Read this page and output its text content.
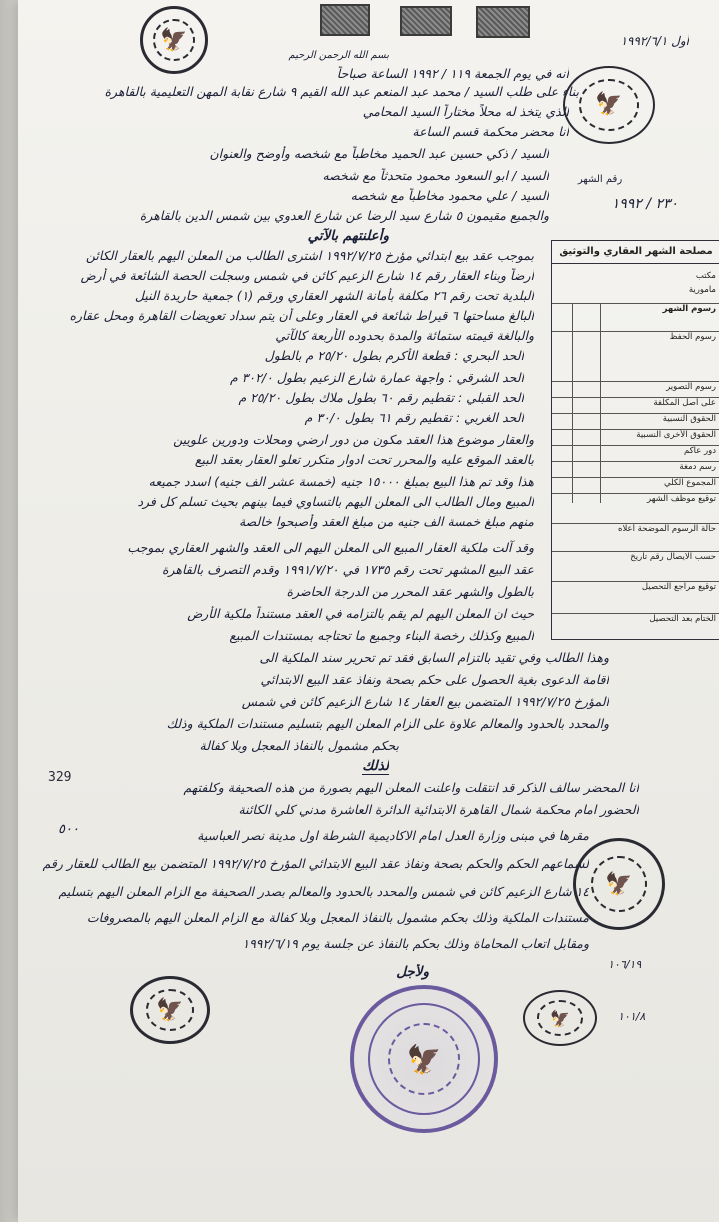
🦅	أول ١٩٩٢/٦/١
🦅
بسم الله الرحمن الرحيم
أنه في يوم الجمعة ١١٩ / ١٩٩٢ الساعة صباحاً
بناء على طلب السيد / محمد عبد المنعم عبد الله القيم ٩ شارع نقابة المهن التعليمية بالقاهرة
الذي يتخذ له محلاً مختاراً السيد المحامي
أنا محضر محكمة قسم الساعة
رقم الشهر
٢٣٠ / ١٩٩٢
السيد / ذكي حسين عبد الحميد مخاطباً مع شخصه وأوضح والعنوان
السيد / ابو السعود محمود متحدثاً مع شخصه
السيد / علي محمود مخاطباً مع شخصه
والجميع مقيمون ٥ شارع سيد الرضا عن شارع العدوي بين شمس الدين بالقاهرة
وأعلنتهم بالآتي
بموجب عقد بيع ابتدائي مؤرخ ١٩٩٢/٧/٢٥ اشترى الطالب من المعلن اليهم بالعقار الكائن
أرضاً وبناء العقار رقم ١٤ شارع الزعيم كائن في شمس وسجلت الحصة الشائعة في أرض
البلدية تحت رقم ٢٦ مكلفة بأمانة الشهر العقاري ورقم (١) جمعية حاريدة النيل
البالغ مساحتها ٦ قيراط شائعة في العقار وعلى أن يتم سداد تعويضات القاهرة ومحل عقاره
والبالغة قيمته ستمائة والمدة بحدوده الأربعة كالآتي
الحد البحري : قطعة الأكرم بطول ٢٥/٢٠ م بالطول
الحد الشرقي : واجهة عمارة شارع الزعيم بطول ٣٠٢/٠ م
الحد القبلي : تقطيم رقم ٦٠ بطول ملاك بطول ٢٥/٢٠ م
الحد الغربي : تقطيم رقم ٦١ بطول ٣٠/٠ م
والعقار موضوع هذا العقد مكون من دور ارضي ومحلات ودورين علويين
بالعقد الموقع عليه والمحرر تحت ادوار متكرر تعلو العقار بعقد البيع
هذا وقد تم هذا البيع بمبلغ ١٥٠٠٠ جنيه (خمسة عشر الف جنيه) اسدد جميعه
المبيع ومال الطالب الى المعلن اليهم بالتساوي فيما بينهم بحيث تسلم كل فرد
منهم مبلغ خمسة الف جنيه من مبلغ العقد وأصبحوا خالصة
وقد آلت ملكية العقار المبيع الى المعلن اليهم الى العقد والشهر العقاري بموجب
عقد البيع المشهر تحت رقم ١٧٣٥ في ١٩٩١/٧/٢٠ وقدم التصرف بالقاهرة
بالطول والشهر عقد المحرر من الدرجة الحاضرة
حيث ان المعلن اليهم لم يقم بالتزامه في العقد مستنداً ملكية الأرض
المبيع وكذلك رخصة البناء وجميع ما تحتاجه بمستندات المبيع
وهذا الطالب وفي تقيد بالتزام السابق فقد تم تحرير سند الملكية الى
اقامة الدعوى بغية الحصول على حكم بصحة ونفاذ عقد البيع الابتدائي
المؤرخ ١٩٩٢/٧/٢٥ المتضمن بيع العقار ١٤ شارع الزعيم كائن في شمس
والمحدد بالحدود والمعالم علاوة على الزام المعلن اليهم بتسليم مستندات الملكية وذلك
بحكم مشمول بالنفاذ المعجل وبلا كفالة
لذلك
329
انا المحضر سالف الذكر قد انتقلت واعلنت المعلن اليهم بصورة من هذه الصحيفة وكلفتهم
الحضور امام محكمة شمال القاهرة الابتدائية الدائرة العاشرة مدني كلي الكائنة
مقرها في مبنى وزارة العدل امام الاكاديمية الشرطة اول مدينة نصر العباسية
لسماعهم الحكم والحكم بصحة ونفاذ عقد البيع الابتدائي المؤرخ ١٩٩٢/٧/٢٥ المتضمن بيع الطالب للعقار رقم
١٤ شارع الزعيم كائن في شمس والمحدد بالحدود والمعالم بصدر الصحيفة مع الزام المعلن اليهم بتسليم
مستندات الملكية وذلك بحكم مشمول بالنفاذ المعجل وبلا كفالة مع الزام المعلن اليهم بالمصروفات
ومقابل اتعاب المحاماة وذلك بحكم بالنفاذ عن جلسة يوم ١٩٩٢/٦/١٩
٥٠٠
ولأجل
🦅
🦅	🦅
١٠٦/١٩
١٠١/٨
🦅
مصلحة الشهر العقاري والتوثيق
مكتب
مأمورية
رسوم الشهر
رسوم الحفظ
رسوم التصوير
على أصل المكلفة
الحقوق النسبية
الحقوق الأخرى النسبية
دور عاكم
رسم دمغة
المجموع الكلي
توقيع موظف الشهر
حالة الرسوم الموضحة أعلاه
حسب الايصال رقم تاريخ
توقيع مراجع التحصيل
الختام بعد التحصيل
